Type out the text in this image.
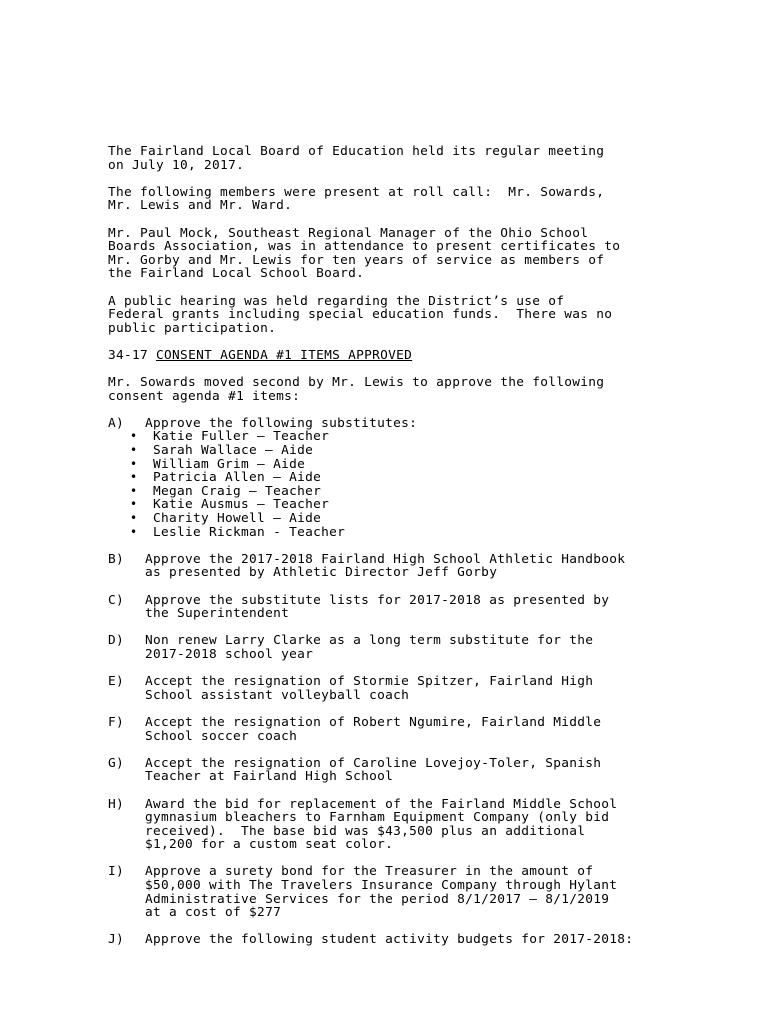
The Fairland Local Board of Education held its regular meeting
on July 10, 2017.
The following members were present at roll call:  Mr. Sowards,
Mr. Lewis and Mr. Ward.
Mr. Paul Mock, Southeast Regional Manager of the Ohio School
Boards Association, was in attendance to present certificates to
Mr. Gorby and Mr. Lewis for ten years of service as members of
the Fairland Local School Board.
A public hearing was held regarding the District’s use of
Federal grants including special education funds.  There was no
public participation.
34-17 CONSENT AGENDA #1 ITEMS APPROVED
Mr. Sowards moved second by Mr. Lewis to approve the following
consent agenda #1 items:
A)	Approve the following substitutes:
• Katie Fuller – Teacher
• Sarah Wallace – Aide
• William Grim – Aide
• Patricia Allen – Aide
• Megan Craig – Teacher
• Katie Ausmus – Teacher
• Charity Howell – Aide
• Leslie Rickman - Teacher
B)	Approve the 2017-2018 Fairland High School Athletic Handbook
as presented by Athletic Director Jeff Gorby
C)	Approve the substitute lists for 2017-2018 as presented by
the Superintendent
D)	Non renew Larry Clarke as a long term substitute for the
2017-2018 school year
E)	Accept the resignation of Stormie Spitzer, Fairland High
School assistant volleyball coach
F)	Accept the resignation of Robert Ngumire, Fairland Middle
School soccer coach
G)	Accept the resignation of Caroline Lovejoy-Toler, Spanish
Teacher at Fairland High School
H)	Award the bid for replacement of the Fairland Middle School
gymnasium bleachers to Farnham Equipment Company (only bid
received).  The base bid was $43,500 plus an additional
$1,200 for a custom seat color.
I)	Approve a surety bond for the Treasurer in the amount of
$50,000 with The Travelers Insurance Company through Hylant
Administrative Services for the period 8/1/2017 – 8/1/2019
at a cost of $277
J)	Approve the following student activity budgets for 2017-2018:
